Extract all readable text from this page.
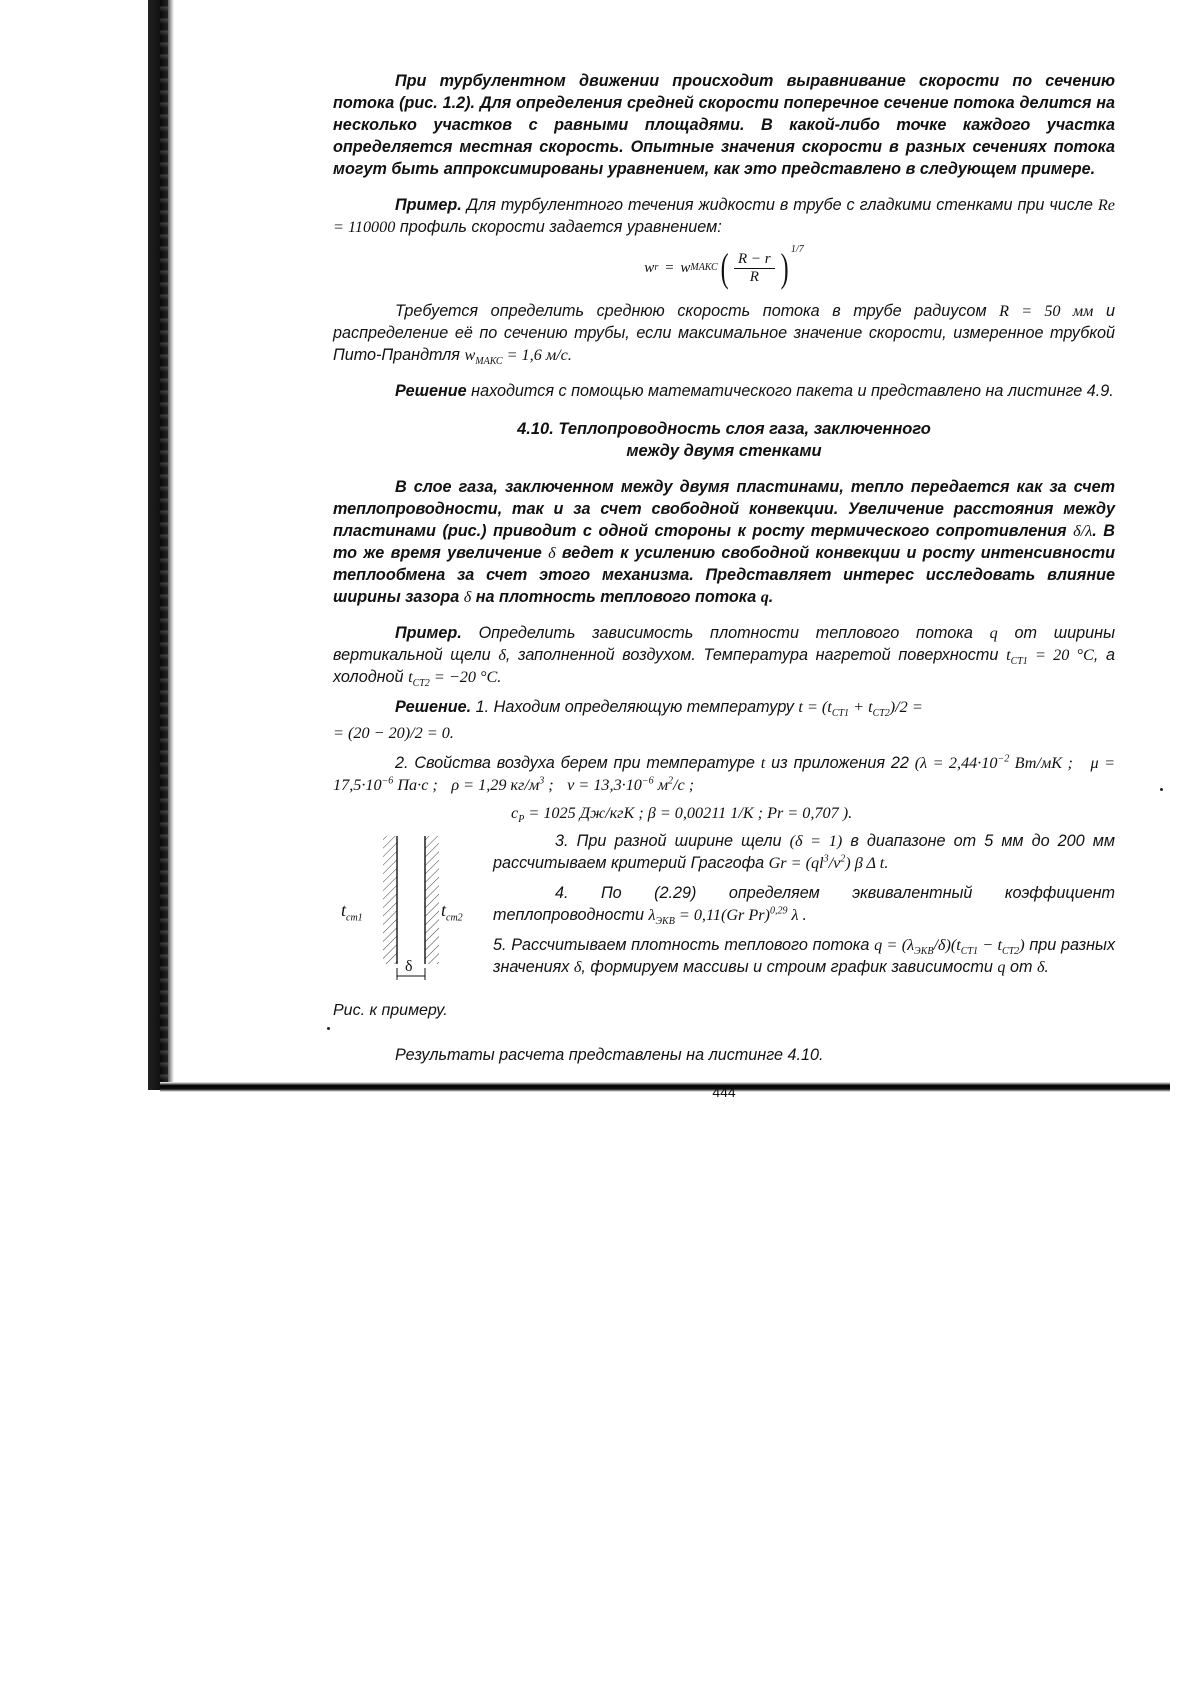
При турбулентном движении происходит выравнивание скорости по сечению потока (рис. 1.2). Для определения средней скорости поперечное сечение потока делится на несколько участков с равными площадями. В какой-либо точке каждого участка определяется местная скорость. Опытные значения скорости в разных сечениях потока могут быть аппроксимированы уравнением, как это представлено в следующем примере.

Пример. Для турбулентного течения жидкости в трубе с гладкими стенками при числе Re = 110000 профиль скорости задается уравнением:

w r = w МАКС ( $\frac{R - r}{R}$ ) 1/7

Требуется определить среднюю скорость потока в трубе радиусом R = 50 мм и распределение её по сечению трубы, если максимальное значение скорости, измеренное трубкой Пито-Прандтля $w_{МАКС} = 1,6$ м/с.

Решение находится с помощью математического пакета и представлено на листинге 4.9.

4.10. Теплопроводность слоя газа, заключенного
между двумя стенками

В слое газа, заключенном между двумя пластинами, тепло передается как за счет теплопроводности, так и за счет свободной конвекции. Увеличение расстояния между пластинами (рис.) приводит с одной стороны к росту термического сопротивления δ/λ. В то же время увеличение δ ведет к усилению свободной конвекции и росту интенсивности теплообмена за счет этого механизма. Представляет интерес исследовать влияние ширины зазора δ на плотность теплового потока q.

Пример. Определить зависимость плотности теплового потока q от ширины вертикальной щели δ, заполненной воздухом. Температура нагретой поверхности $t_{СТ1} = 20$ °C, а холодной $t_{СТ2} = -20$ °C.

Решение. 1. Находим определяющую температуру $t = (t_{СТ1} + t_{СТ2})/2$ =

= (20 − 20)/2 = 0.

2. Свойства воздуха берем при температуре t из приложения 22 ($\lambda = 2,44\cdot 10^{-2}$ Вт/мК ; $\mu = 17,5\cdot 10^{-6}$ Па·с ; ρ = 1,29 $кг/м^3$ ; $\nu = 13,3\cdot 10^{-6}$ $м^2/с$ ;

$c_P = 1025$ Дж/кгК ; β = 0,00211 1/К ; Pr = 0,707 ).

$t_{cm1}$	$t_{cm2}$
δ
Рис. к примеру.

3. При разной ширине щели (δ = 1) в диапазоне от 5 мм до 200 мм рассчитываем критерий Грасгофа $Gr = (ql^3/\nu^2)$ β Δ t.

4. По (2.29) определяем эквивалентный коэффициент теплопроводности $\lambda_{ЭКВ} = 0,11(Gr$ Pr)$^{0,29}$ λ .

5. Рассчитываем плотность теплового потока $q = (\lambda_{ЭКВ}/\delta)(t_{СТ1} - t_{СТ2})$ при разных значениях δ, формируем массивы и строим график зависимости q от δ.

Результаты расчета представлены на листинге 4.10.

444
